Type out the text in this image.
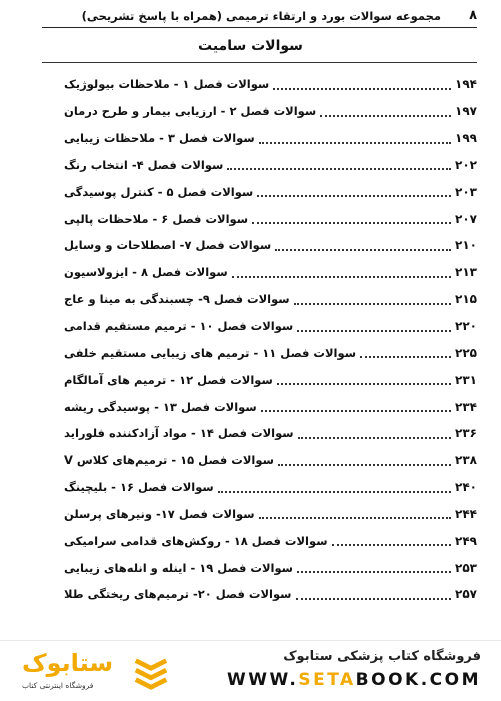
۸
مجموعه سوالات بورد و ارتقاء ترمیمی (همراه با پاسخ تشریحی)
سوالات سامیت
سوالات فصل ۱ - ملاحظات بیولوژیک	۱۹۴
سوالات فصل ۲ - ارزیابی بیمار و طرح درمان	۱۹۷
سوالات فصل ۳ - ملاحظات زیبایی	۱۹۹
سوالات فصل ۴- انتخاب رنگ	۲۰۲
سوالات فصل ۵ - کنترل پوسیدگی	۲۰۳
سوالات فصل ۶ - ملاحظات پالپی	۲۰۷
سوالات فصل ۷- اصطلاحات و وسایل	۲۱۰
سوالات فصل ۸ - ایزولاسیون	۲۱۳
سوالات فصل ۹- چسبندگی به مینا و عاج	۲۱۵
سوالات فصل ۱۰ - ترمیم مستقیم قدامی	۲۲۰
سوالات فصل ۱۱ - ترمیم های زیبایی مستقیم خلفی	۲۲۵
سوالات فصل ۱۲ - ترمیم های آمالگام	۲۳۱
سوالات فصل ۱۳ - پوسیدگی ریشه	۲۳۴
سوالات فصل ۱۴ - مواد آزادکننده فلوراید	۲۳۶
سوالات فصل ۱۵ - ترمیم‌های کلاس V	۲۳۸
سوالات فصل ۱۶ - بلیچینگ	۲۴۰
سوالات فصل ۱۷- ونیرهای پرسلن	۲۴۴
سوالات فصل ۱۸ - روکش‌های قدامی سرامیکی	۲۴۹
سوالات فصل ۱۹ - اینله و انله‌های زیبایی	۲۵۳
سوالات فصل ۲۰- ترمیم‌های ریختگی طلا	۲۵۷
ستابوک
فروشگاه اینترنتی کتاب
فروشگاه کتاب پزشکی ستابوک
WWW.SETABOOK.COM
